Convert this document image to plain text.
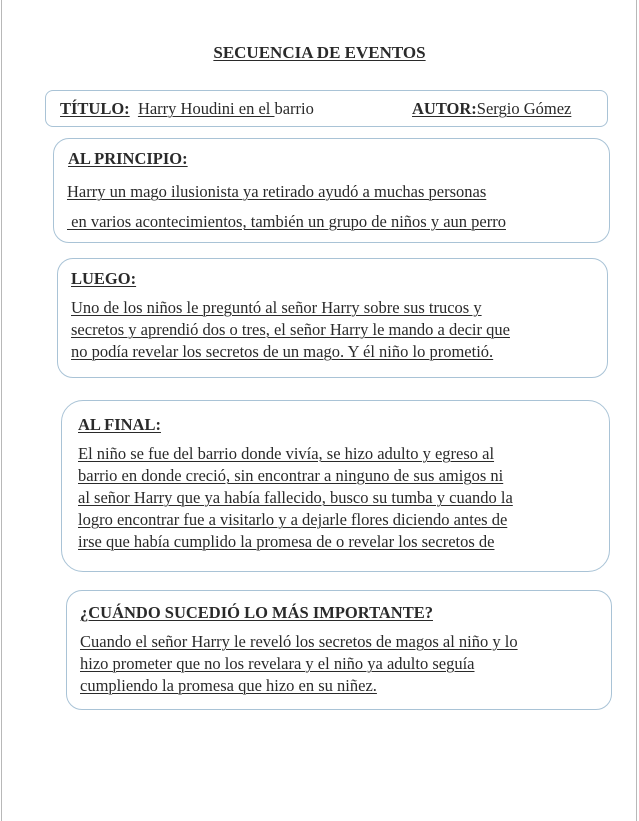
SECUENCIA DE EVENTOS
TÍTULO: Harry Houdini en el barrio	AUTOR:Sergio Gómez

AL PRINCIPIO:

Harry un mago ilusionista ya retirado ayudó a muchas personas

en varios acontecimientos, también un grupo de niños y aun perro

LUEGO:

Uno de los niños le preguntó al señor Harry sobre sus trucos y

secretos y aprendió dos o tres, el señor Harry le mando a decir que

no podía revelar los secretos de un mago. Y él niño lo prometió.

AL FINAL:

El niño se fue del barrio donde vivía, se hizo adulto y egreso al

barrio en donde creció, sin encontrar a ninguno de sus amigos ni

al señor Harry que ya había fallecido, busco su tumba y cuando la

logro encontrar fue a visitarlo y a dejarle flores diciendo antes de

irse que había cumplido la promesa de o revelar los secretos de

¿CUÁNDO SUCEDIÓ LO MÁS IMPORTANTE?

Cuando el señor Harry le reveló los secretos de magos al niño y lo

hizo prometer que no los revelara y el niño ya adulto seguía

cumpliendo la promesa que hizo en su niñez.
